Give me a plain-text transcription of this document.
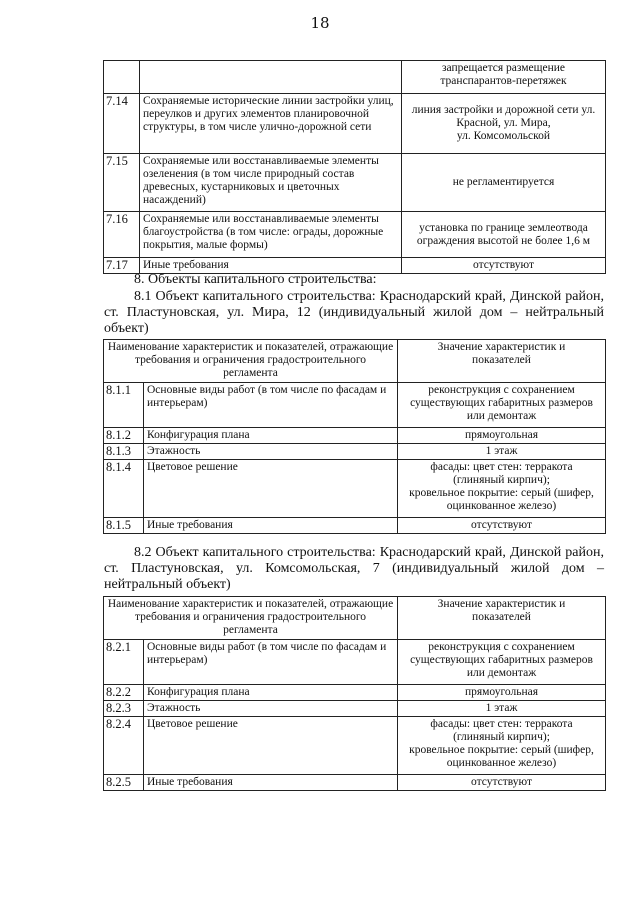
18
		запрещается размещение
транспарантов-перетяжек
7.14	Сохраняемые исторические линии застройки улиц, переулков и других элементов планировочной структуры, в том числе улично-дорожной сети	линия застройки и дорожной сети ул.
Красной, ул. Мира,
ул. Комсомольской
7.15	Сохраняемые или восстанавливаемые элементы озеленения (в том числе природный состав древесных, кустарниковых и цветочных насаждений)	не регламентируется
7.16	Сохраняемые или восстанавливаемые элементы благоустройства (в том числе: ограды, дорожные покрытия, малые формы)	установка по границе землеотвода
ограждения высотой не более 1,6 м
7.17	Иные требования	отсутствуют
8. Объекты капитального строительства:
8.1 Объект капитального строительства: Краснодарский край, Динской район, ст. Пластуновская, ул. Мира, 12 (индивидуальный жилой дом – нейтральный объект)
Наименование характеристик и показателей, отражающие требования и ограничения градостроительного регламента		Значение характеристик и
показателей
8.1.1	Основные виды работ (в том числе по фасадам и интерьерам)	реконструкция с сохранением
существующих габаритных размеров
или демонтаж
8.1.2	Конфигурация плана	прямоугольная
8.1.3	Этажность	1 этаж
8.1.4	Цветовое решение	фасады: цвет стен: терракота
(глиняный кирпич);
кровельное покрытие: серый (шифер,
оцинкованное железо)
8.1.5	Иные требования	отсутствуют
8.2 Объект капитального строительства: Краснодарский край, Динской район, ст. Пластуновская, ул. Комсомольская, 7 (индивидуальный жилой дом – нейтральный объект)
Наименование характеристик и показателей, отражающие требования и ограничения градостроительного регламента		Значение характеристик и
показателей
8.2.1	Основные виды работ (в том числе по фасадам и интерьерам)	реконструкция с сохранением
существующих габаритных размеров
или демонтаж
8.2.2	Конфигурация плана	прямоугольная
8.2.3	Этажность	1 этаж
8.2.4	Цветовое решение	фасады: цвет стен: терракота
(глиняный кирпич);
кровельное покрытие: серый (шифер,
оцинкованное железо)
8.2.5	Иные требования	отсутствуют
